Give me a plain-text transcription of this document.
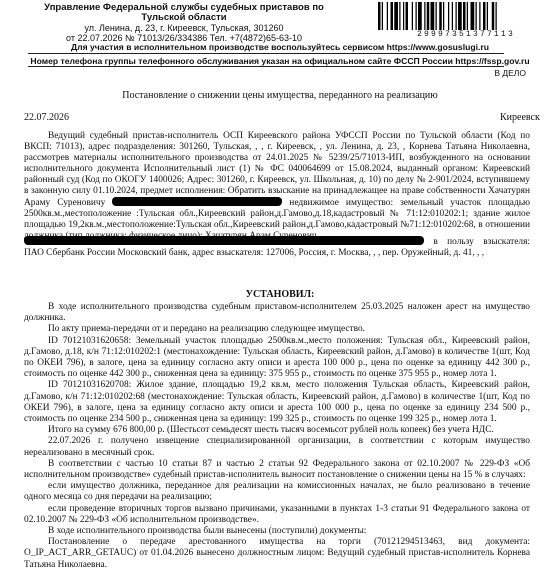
Управление Федеральной службы судебных приставов по Тульской области
ул. Ленина, д. 23, г. Киреевск, Тульская, 301260
от 22.07.2026 № 71013/26/334386 Тел. +7(4872)65-63-10	29997351377113
Для участия в исполнительном производстве воспользуйтесь сервисом https://www.gosuslugi.ru
Номер телефона группы телефонного обслуживания указан на официальном сайте ФССП России https://fssp.gov.ru
В ДЕЛО
Постановление о снижении цены имущества, переданного на реализацию
22.07.2026	Киреевск
Ведущий судебный пристав-исполнитель ОСП Киреевского района УФССП России по Тульской области (Код по ВКСП: 71013), адрес подразделения: 301260, Тульская, , , г. Киреевск, , ул. Ленина, д. 23, , Корнева Татьяна Николаевна, рассмотрев материалы исполнительного производства от 24.01.2025 № 5239/25/71013-ИП, возбужденного на основании исполнительного документа Исполнительный лист (1) № ФС 040064699 от 15.08.2024, выданный органом: Киреевский районный суд (Код по ОКОГУ 1400026; Адрес: 301260, г. Киреевск, ул. Школьная, д. 10) по делу № 2-901/2024, вступившему в законную силу 01.10.2024, предмет исполнения: Обратить взыскание на принадлежащее на праве собственности Хачатурян Араму Суреновичу	недвижимое имущество: земельный участок площадью 2500кв.м.,местоположение :Тульская обл.,Киреевский район,д.Гамово,д.18,кадастровый № 71:12:010202:1; здание жилое площадью 19,2кв.м.,местоположение:Тульская обл.,Киреевский район,д.Гамово,кадастровый №71:12:010202:68, в отношении
в пользу взыскателя: ПАО Сбербанк России Московский банк, адрес взыскателя: 127006, Россия, г. Москва, , , пер. Оружейный, д. 41, , ,
УСТАНОВИЛ:

В ходе исполнительного производства судебным приставом-исполнителем 25.03.2025 наложен арест на имущество должника.

По акту приема-передачи от и передано на реализацию следующее имущество.

ID 70121031620658: Земельный участок площадью 2500кв.м.,место положения: Тульская обл., Киреевский район, д.Гамово, д.18, к/н 71:12:010202:1 (местонахождение: Тульская область, Киреевский район, д.Гамово) в количестве 1(шт, Код по ОКЕИ 796), в залоге, цена за единицу согласно акту описи и ареста 100 000 р., цена по оценке за единицу 442 300 р., стоимость по оценке 442 300 р., сниженная цена за единицу: 375 955 р., стоимость по оценке 375 955 р., номер лота 1.

ID 70121031620708: Жилое здание, площадью 19,2 кв.м, место положения Тульская область, Киреевский район, д.Гамово, к/н 71:12:010202:68 (местонахождение: Тульская область, Киреевский район, д.Гамово) в количестве 1(шт, Код по ОКЕИ 796), в залоге, цена за единицу согласно акту описи и ареста 100 000 р., цена по оценке за единицу 234 500 р., стоимость по оценке 234 500 р., сниженная цена за единицу: 199 325 р., стоимость по оценке 199 325 р., номер лота 1.

Итого на сумму 676 800,00 р. (Шестьсот семьдесят шесть тысяч восемьсот рублей ноль копеек) без учета НДС.

22.07.2026 г. получено извещение специализированной организации, в соответствии с которым имущество нереализовано в месячный срок.

В соответствии с частью 10 статьи 87 и частью 2 статьи 92 Федерального закона от 02.10.2007 № 229-ФЗ «Об исполнительном производстве» судебный пристав-исполнитель выносит постановление о снижении цены на 15 % в случаях:

если имущество должника, переданное для реализации на комиссионных началах, не было реализовано в течение одного месяца со дня передачи на реализацию;

если проведение вторичных торгов вызвано причинами, указанными в пунктах 1-3 статьи 91 Федерального закона от 02.10.2007 № 229-ФЗ «Об исполнительном производстве».

В ходе исполнительного производства были вынесены (поступили) документы:

Постановление о передаче арестованного имущества на торги (70121294513463, вид документа: O_IP_ACT_ARR_GETAUC) от 01.04.2026 вынесено должностным лицом: Ведущий судебный пристав-исполнитель Корнева Татьяна Николаевна.
